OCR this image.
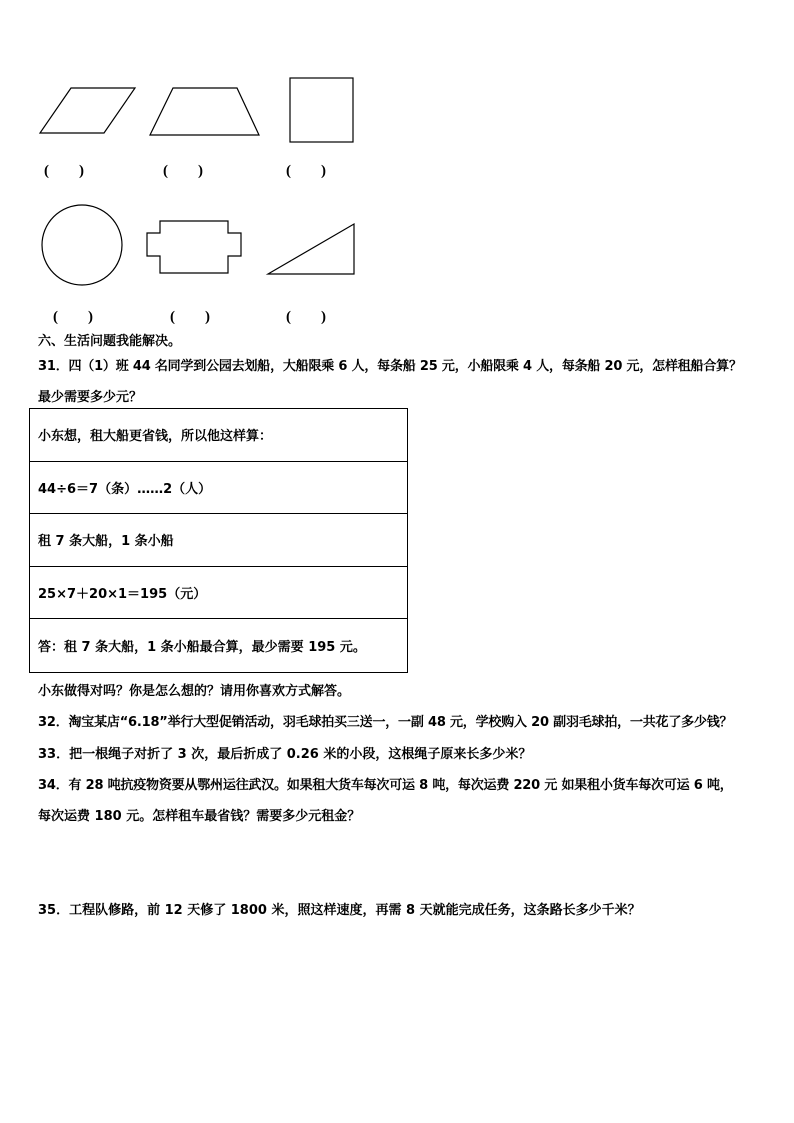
(        )	(        )	(        )
(        )	(        )	(        )
六、生活问题我能解决。
31．四（1）班 44 名同学到公园去划船，大船限乘 6 人，每条船 25 元，小船限乘 4 人，每条船 20 元，怎样租船合算？
最少需要多少元？
小东想，租大船更省钱，所以他这样算：
44÷6＝7（条）……2（人）
租 7 条大船，1 条小船
25×7＋20×1＝195（元）
答：租 7 条大船，1 条小船最合算，最少需要 195 元。
小东做得对吗？你是怎么想的？请用你喜欢方式解答。
32．淘宝某店“6.18”举行大型促销活动，羽毛球拍买三送一，一副 48 元，学校购入 20 副羽毛球拍，一共花了多少钱？
33．把一根绳子对折了 3 次，最后折成了 0.26 米的小段，这根绳子原来长多少米？
34．有 28 吨抗疫物资要从鄂州运往武汉。如果租大货车每次可运 8 吨，每次运费 220 元 如果租小货车每次可运 6 吨，
每次运费 180 元。怎样租车最省钱？需要多少元租金？
35．工程队修路，前 12 天修了 1800 米，照这样速度，再需 8 天就能完成任务，这条路长多少千米？
